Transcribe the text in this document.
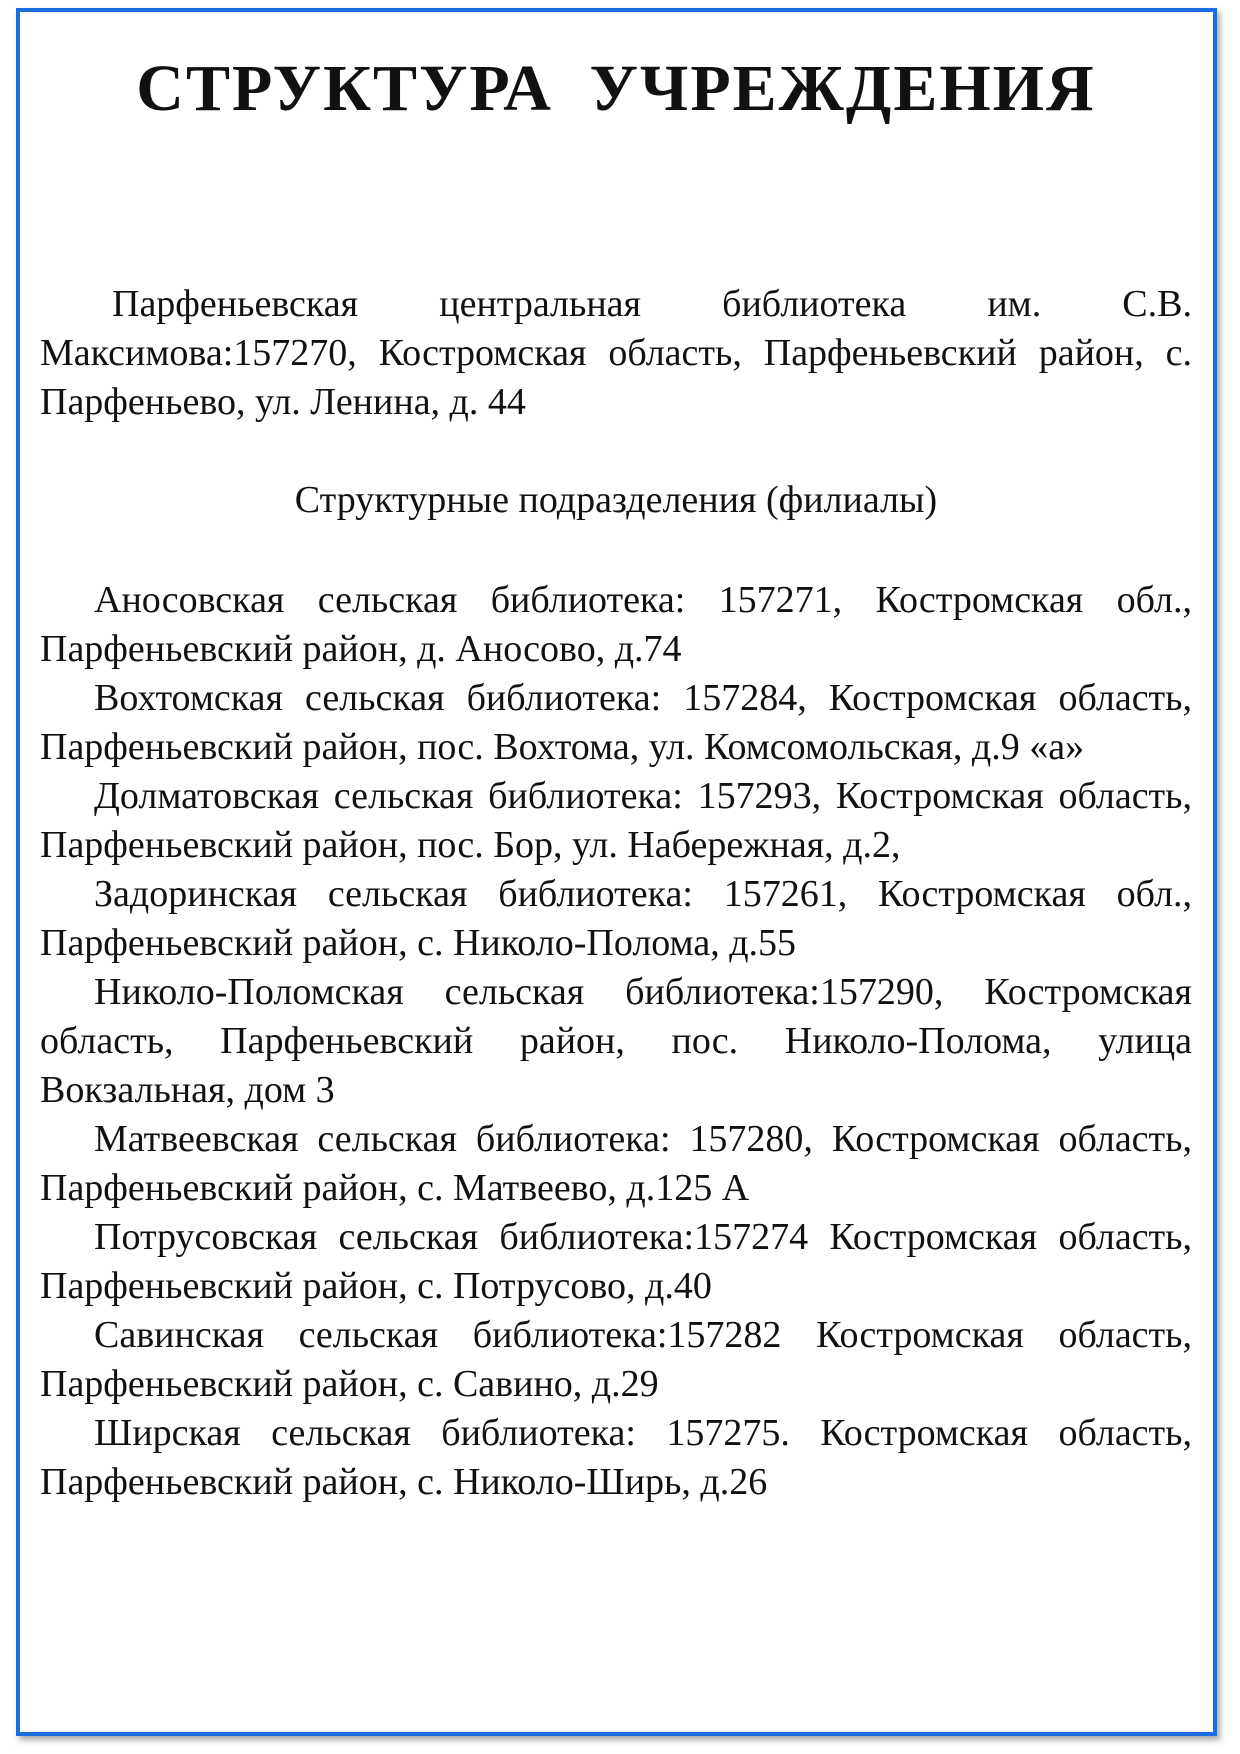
СТРУКТУРА УЧРЕЖДЕНИЯ
Парфеньевская центральная библиотека им. С.В. Максимова:157270, Костромская область, Парфеньевский район, с. Парфеньево, ул. Ленина, д. 44
Структурные подразделения (филиалы)

Аносовская сельская библиотека: 157271, Костромская обл., Парфеньевский район, д. Аносово, д.74

Вохтомская сельская библиотека: 157284, Костромская область, Парфеньевский район, пос. Вохтома, ул. Комсомольская, д.9 «а»

Долматовская сельская библиотека: 157293, Костромская область, Парфеньевский район, пос. Бор, ул. Набережная, д.2,

Задоринская сельская библиотека: 157261, Костромская обл., Парфеньевский район, с. Николо-Полома, д.55

Николо-Поломская сельская библиотека:157290, Костромская область, Парфеньевский район, пос. Николо-Полома, улица Вокзальная, дом 3

Матвеевская сельская библиотека: 157280, Костромская область, Парфеньевский район, с. Матвеево, д.125 А

Потрусовская сельская библиотека:157274 Костромская область, Парфеньевский район, с. Потрусово, д.40

Савинская сельская библиотека:157282 Костромская область, Парфеньевский район, с. Савино, д.29

Ширская сельская библиотека: 157275. Костромская область, Парфеньевский район, с. Николо-Ширь, д.26
